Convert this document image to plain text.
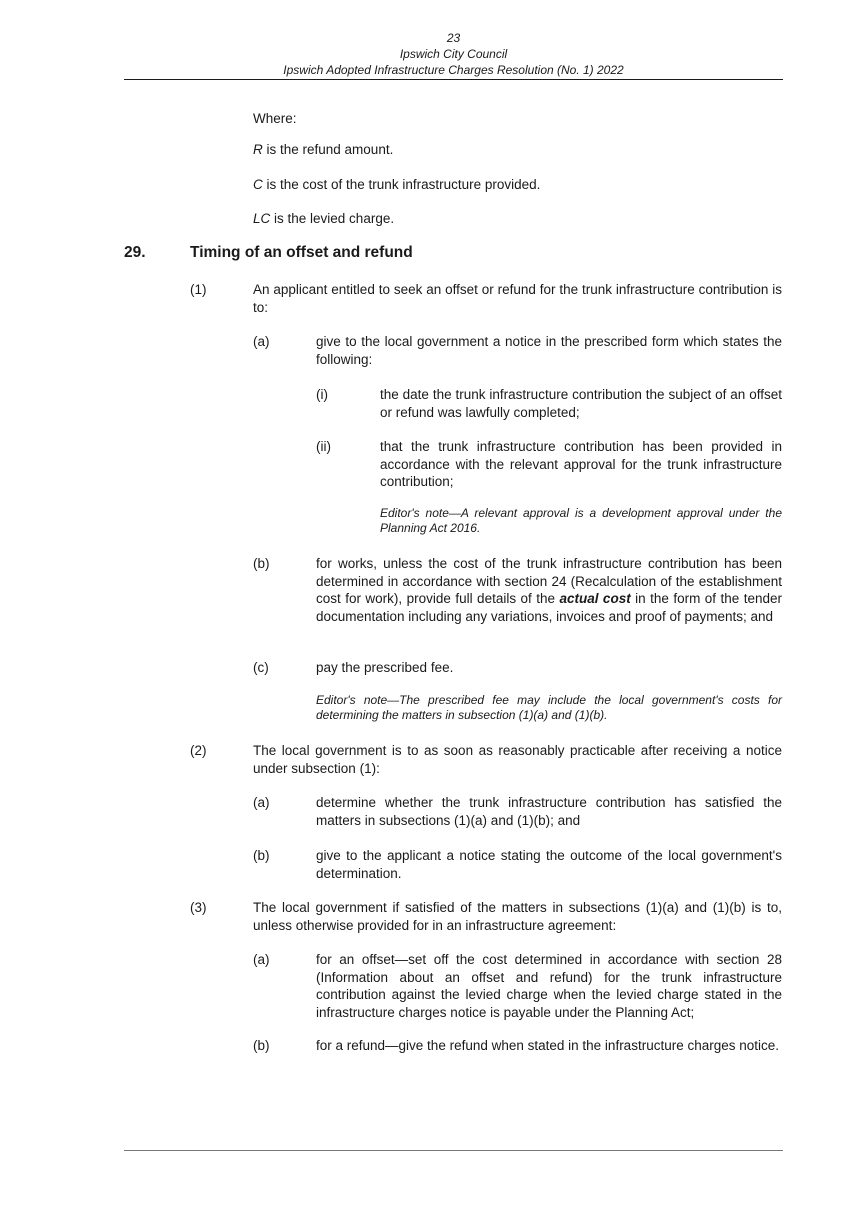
23
Ipswich City Council
Ipswich Adopted Infrastructure Charges Resolution (No. 1) 2022
Where:
R is the refund amount.
C is the cost of the trunk infrastructure provided.
LC is the levied charge.
29.	Timing of an offset and refund
(1)	An applicant entitled to seek an offset or refund for the trunk infrastructure contribution is to:
(a)	give to the local government a notice in the prescribed form which states the following:
(i)	the date the trunk infrastructure contribution the subject of an offset or refund was lawfully completed;
(ii)	that the trunk infrastructure contribution has been provided in accordance with the relevant approval for the trunk infrastructure contribution;
Editor's note—A relevant approval is a development approval under the Planning Act 2016.
(b)	for works, unless the cost of the trunk infrastructure contribution has been determined in accordance with section 24 (Recalculation of the establishment cost for work), provide full details of the actual cost in the form of the tender documentation including any variations, invoices and proof of payments; and
(c)	pay the prescribed fee.
Editor's note—The prescribed fee may include the local government's costs for determining the matters in subsection (1)(a) and (1)(b).
(2)	The local government is to as soon as reasonably practicable after receiving a notice under subsection (1):
(a)	determine whether the trunk infrastructure contribution has satisfied the matters in subsections (1)(a) and (1)(b); and
(b)	give to the applicant a notice stating the outcome of the local government's determination.
(3)	The local government if satisfied of the matters in subsections (1)(a) and (1)(b) is to, unless otherwise provided for in an infrastructure agreement:
(a)	for an offset—set off the cost determined in accordance with section 28 (Information about an offset and refund) for the trunk infrastructure contribution against the levied charge when the levied charge stated in the infrastructure charges notice is payable under the Planning Act;
(b)	for a refund—give the refund when stated in the infrastructure charges notice.
